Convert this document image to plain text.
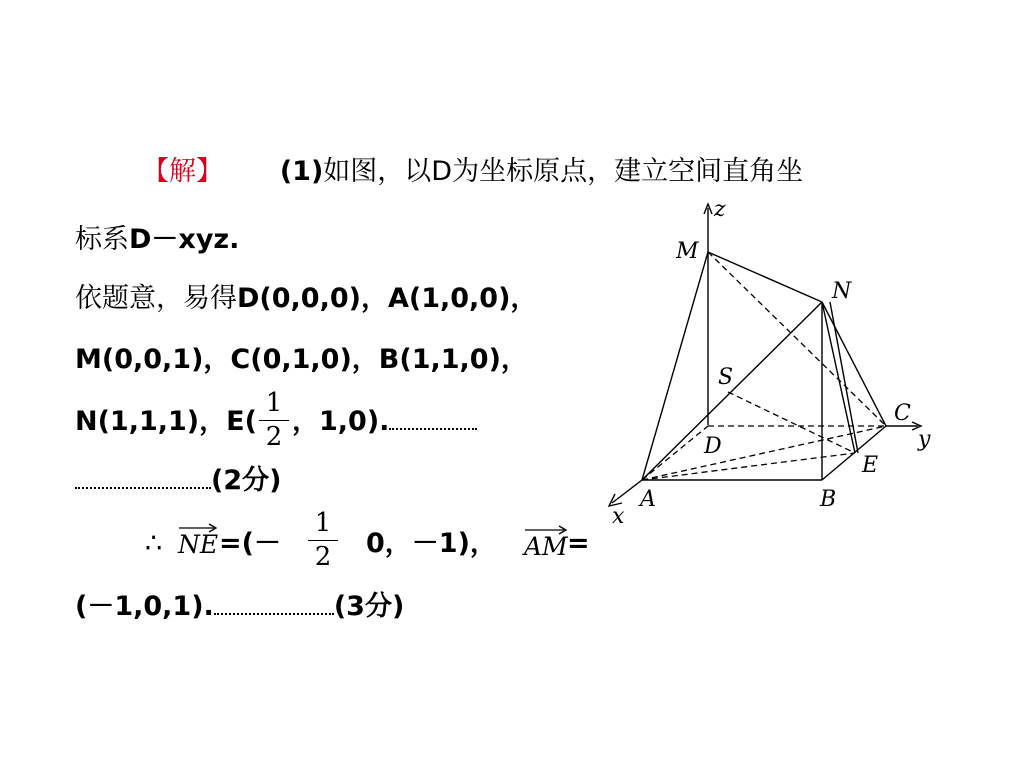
【解】 (1)如图，以D为坐标原点，建立空间直角坐
标系D－xyz.
依题意，易得D(0,0,0)，A(1,0,0)，
M(0,0,1)，C(0,1,0)，B(1,1,0)，
N(1,1,1)，E(
1
2
，1,0).
(2分)
∴ NE =(－
1
2 0，－1)， AM =
(－1,0,1).	(3分)
z
M
N
S
C
y
D
E
A	B
x
